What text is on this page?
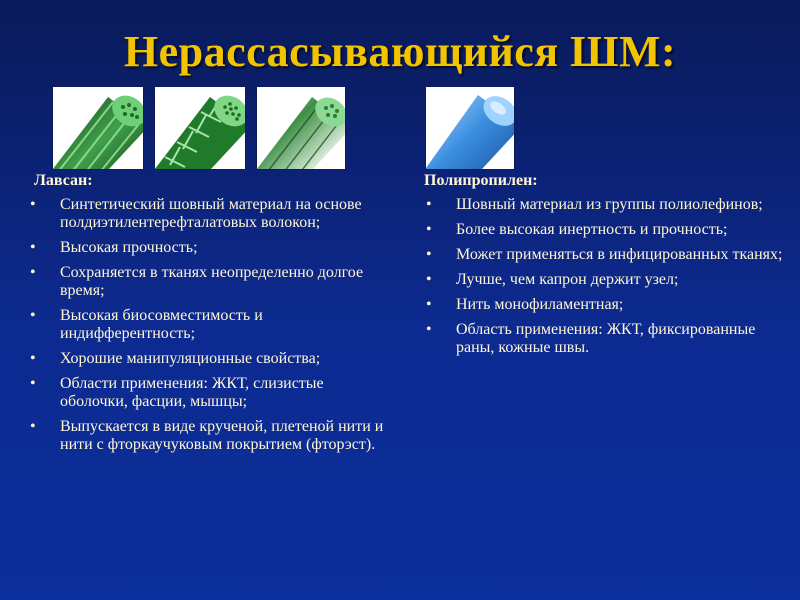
Нерассасывающийся ШМ:
Лавсан:
• Синтетический шовный материал на основе полдиэтилентерефталатовых волокон;
• Высокая прочность;
• Сохраняется в тканях неопределенно долгое время;
• Высокая биосовместимость и индифферентность;
• Хорошие манипуляционные свойства;
• Области применения: ЖКТ, слизистые оболочки, фасции, мышцы;
• Выпускается в виде крученой, плетеной нити и нити с фторкаучуковым покрытием (фторэст).
Полипропилен:
• Шовный материал из группы полиолефинов;
• Более высокая инертность и прочность;
• Может применяться в инфицированных тканях;
• Лучше, чем капрон держит узел;
• Нить монофиламентная;
• Область применения: ЖКТ, фиксированные раны, кожные швы.
